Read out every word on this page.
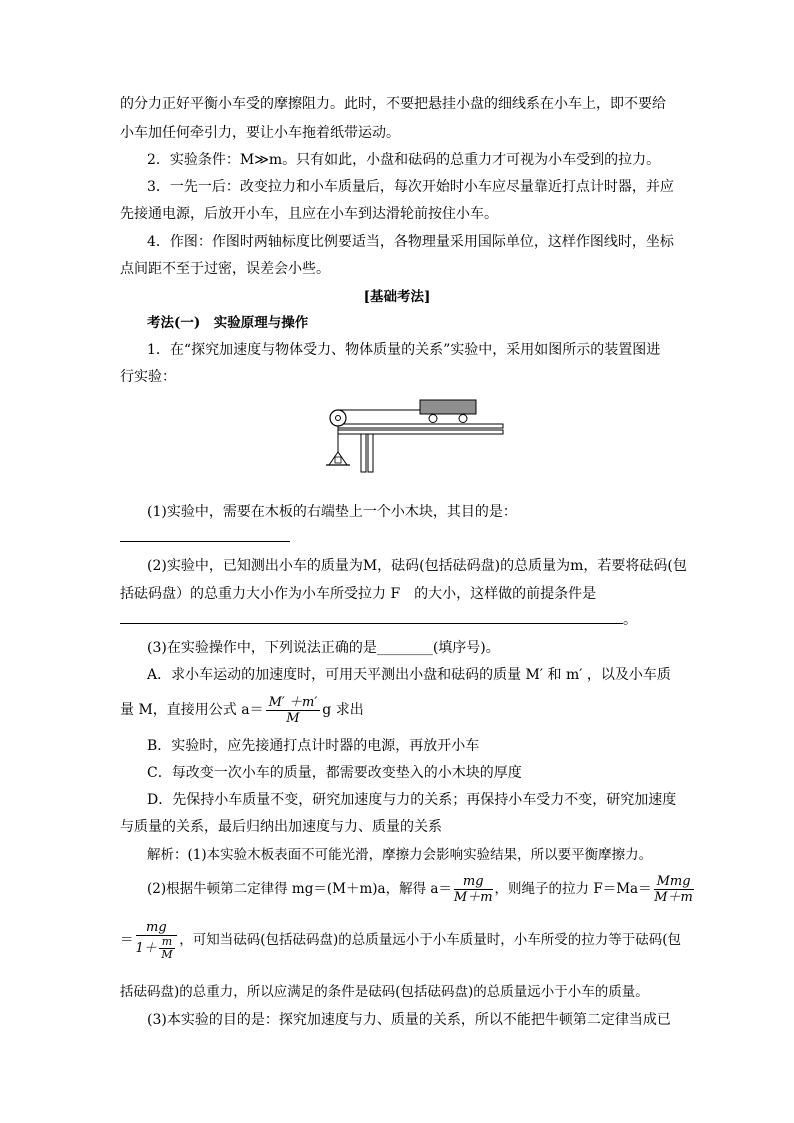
的分力正好平衡小车受的摩擦阻力。此时，不要把悬挂小盘的细线系在小车上，即不要给
小车加任何牵引力，要让小车拖着纸带运动。
2．实验条件：M≫m。只有如此，小盘和砝码的总重力才可视为小车受到的拉力。
3．一先一后：改变拉力和小车质量后，每次开始时小车应尽量靠近打点计时器，并应
先接通电源，后放开小车，且应在小车到达滑轮前按住小车。
4．作图：作图时两轴标度比例要适当，各物理量采用国际单位，这样作图线时，坐标
点间距不至于过密，误差会小些。
[基础考法]
考法(一)　实验原理与操作
1．在“探究加速度与物体受力、物体质量的关系”实验中，采用如图所示的装置图进
行实验：
(1)实验中，需要在木板的右端垫上一个小木块，其目的是：
(2)实验中，已知测出小车的质量为M，砝码(包括砝码盘)的总质量为m，若要将砝码(包
括砝码盘）的总重力大小作为小车所受拉力 F　的大小，这样做的前提条件是
。
(3)在实验操作中，下列说法正确的是________(填序号)。
A．求小车运动的加速度时，可用天平测出小盘和砝码的质量 M′ 和 m′ ，以及小车质
量 M，直接用公式 $a= \frac{M' +m'}{M}$ g 求出
B．实验时，应先接通打点计时器的电源，再放开小车
C．每改变一次小车的质量，都需要改变垫入的小木块的厚度
D．先保持小车质量不变，研究加速度与力的关系；再保持小车受力不变，研究加速度
与质量的关系，最后归纳出加速度与力、质量的关系
解析：(1)本实验木板表面不可能光滑，摩擦力会影响实验结果，所以要平衡摩擦力。
(2)根据牛顿第二定律得 mg＝(M＋m)a，解得 $a= \frac{mg}{M+m}$ ，则绳子的拉力 $F=Ma= \frac{\text{Mmg}}{M+m}$
＝ $\frac{mg}{1+ \frac{m}{M}}$ ，可知当砝码(包括砝码盘)的总质量远小于小车质量时，小车所受的拉力等于砝码(包
括砝码盘)的总重力，所以应满足的条件是砝码(包括砝码盘)的总质量远小于小车的质量。
(3)本实验的目的是：探究加速度与力、质量的关系，所以不能把牛顿第二定律当成已
